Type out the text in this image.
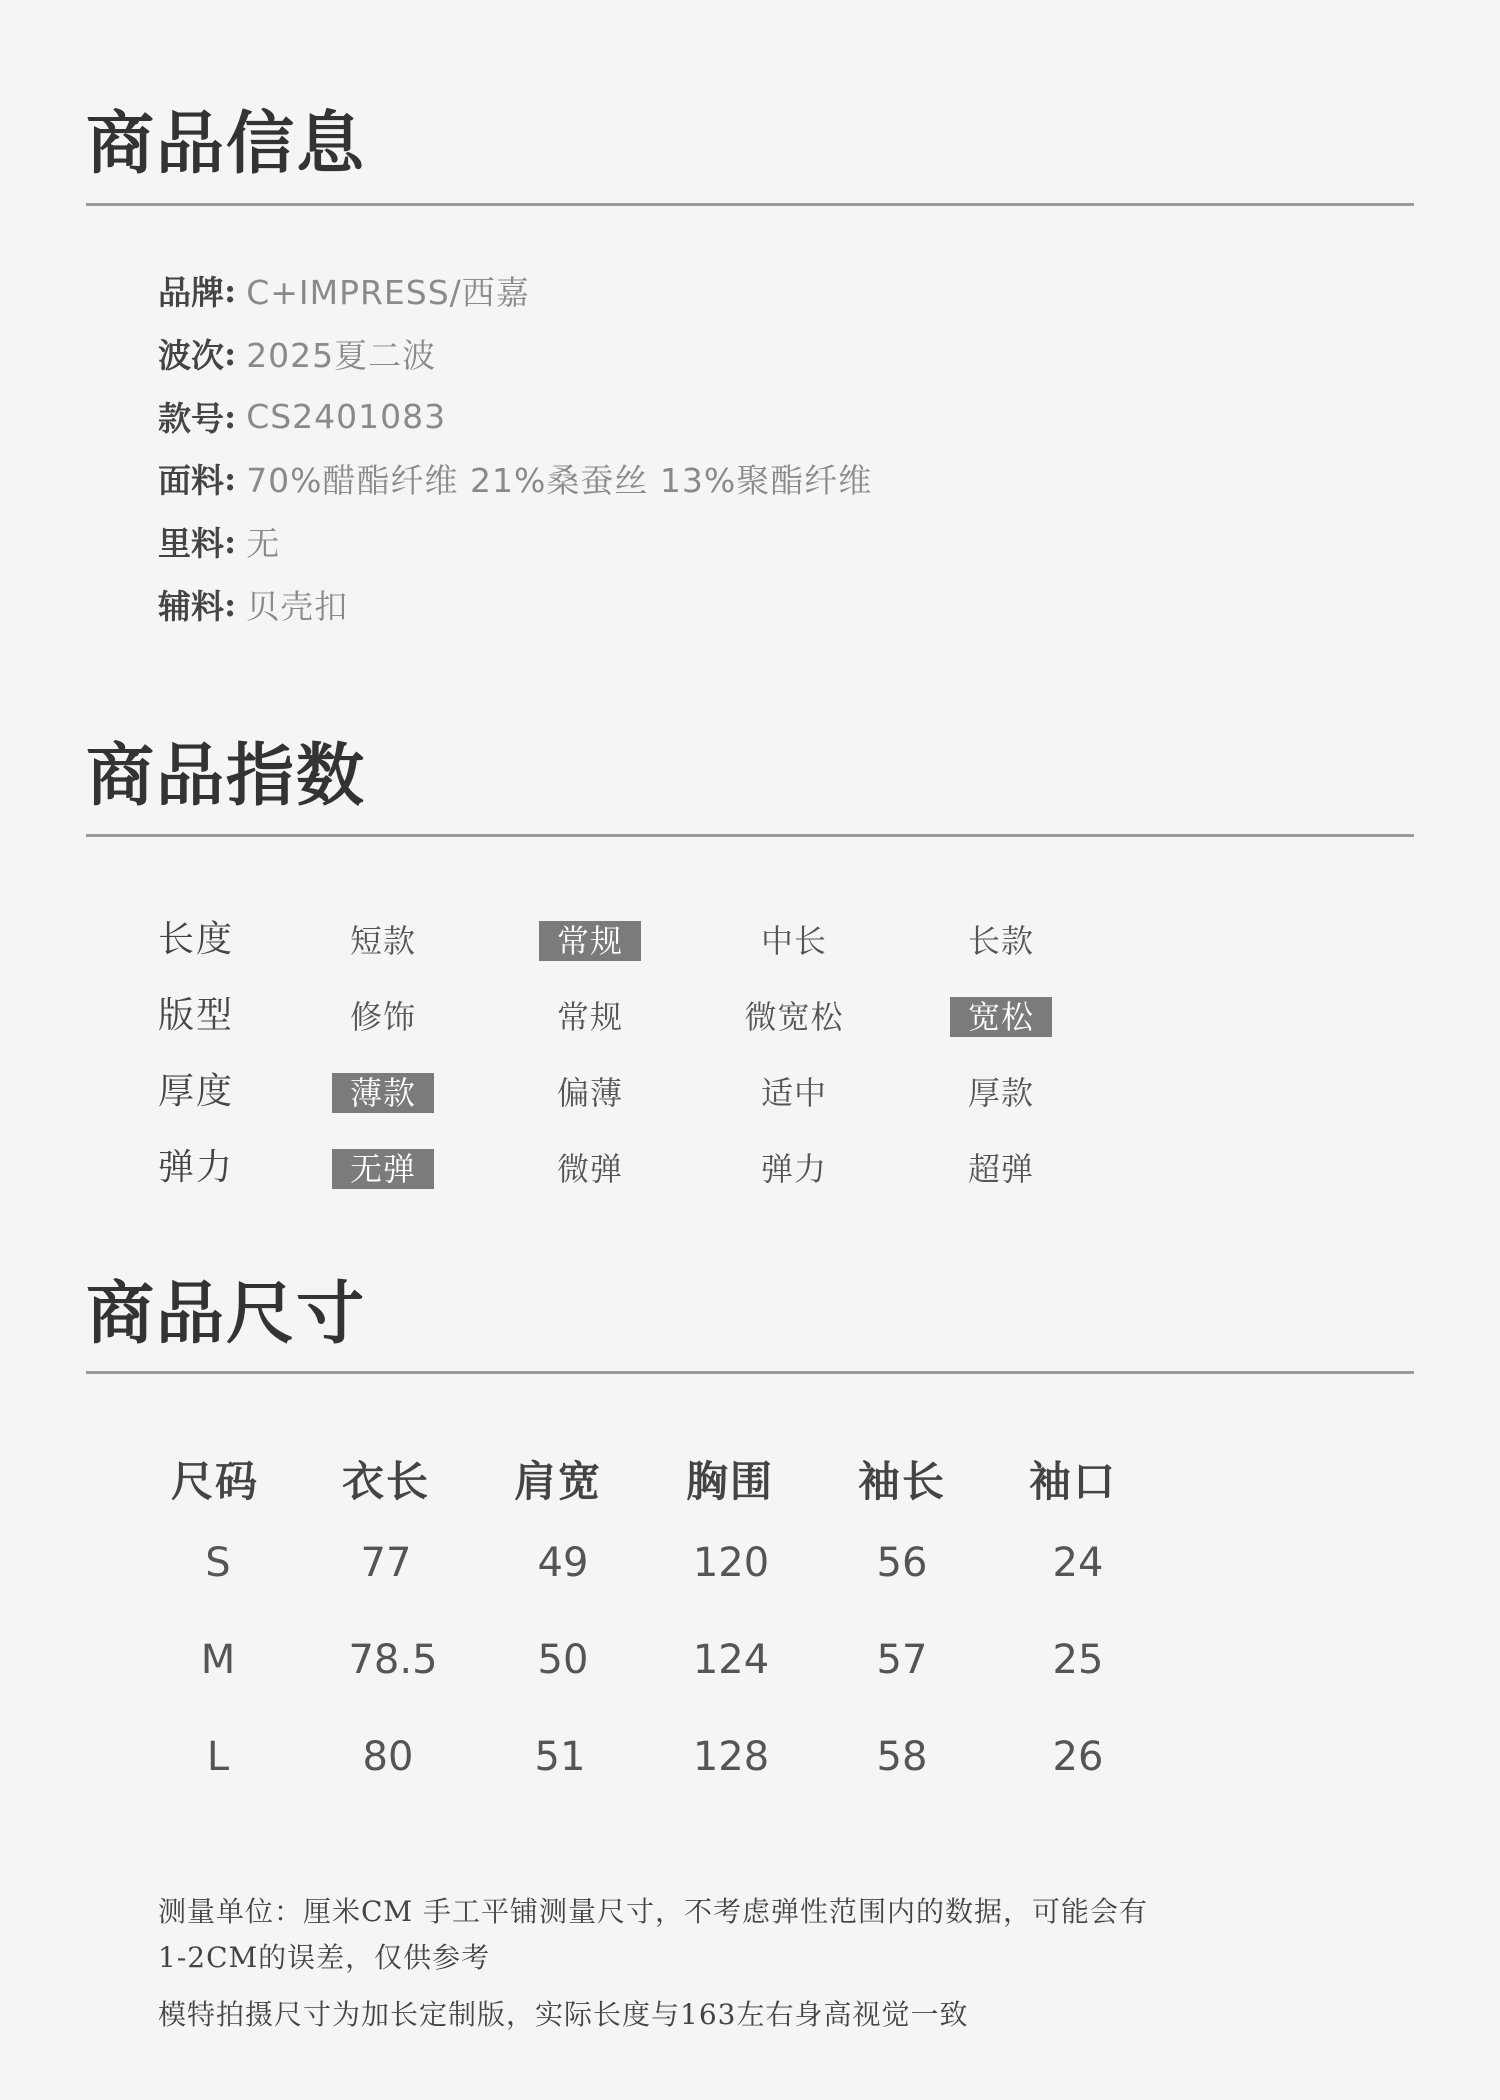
商品信息
品牌 : C+IMPRESS/西嘉
波次 : 2025夏二波
款号 : CS2401083
面料 : 70%醋酯纤维 21%桑蚕丝 13%聚酯纤维
里料 : 无
辅料 : 贝壳扣
商品指数
长度	短款	常规	中长	长款
版型	修饰	常规	微宽松	宽松
厚度	薄款	偏薄	适中	厚款
弹力	无弹	微弹	弹力	超弹
商品尺寸
尺码	衣长	肩宽	胸围	袖长	袖口
S	77	49	120	56	24
M	78.5	50	124	57	25
L	80	51	128	58	26
测量单位：厘米CM 手工平铺测量尺寸，不考虑弹性范围内的数据，可能会有
1-2CM的误差，仅供参考
模特拍摄尺寸为加长定制版，实际长度与163左右身高视觉一致
